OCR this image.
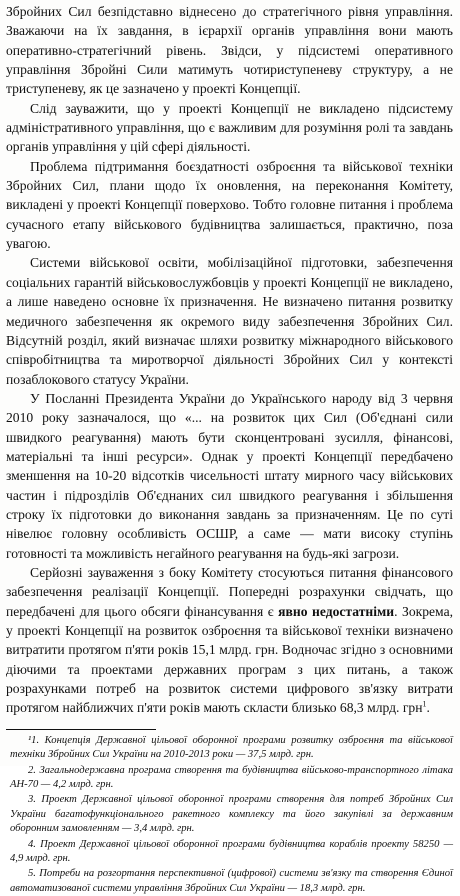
Збройних Сил безпідставно віднесено до стратегічного рівня управління. Зважаючи на їх завдання, в ієрархії органів управління вони мають оперативно-стратегічний рівень. Звідси, у підсистемі оперативного управління Збройні Сили матимуть чотириступеневу структуру, а не триступеневу, як це зазначено у проекті Концепції.

Слід зауважити, що у проекті Концепції не викладено підсистему адміністративного управління, що є важливим для розуміння ролі та завдань органів управління у цій сфері діяльності.

Проблема підтримання боєздатності озброєння та військової техніки Збройних Сил, плани щодо їх оновлення, на переконання Комітету, викладені у проекті Концепції поверхово. Тобто головне питання і проблема сучасного етапу військового будівництва залишається, практично, поза увагою.

Системи військової освіти, мобілізаційної підготовки, забезпечення соціальних гарантій військовослужбовців у проекті Концепції не викладено, а лише наведено основне їх призначення. Не визначено питання розвитку медичного забезпечення як окремого виду забезпечення Збройних Сил. Відсутній розділ, який визначає шляхи розвитку міжнародного військового співробітництва та миротворчої діяльності Збройних Сил у контексті позаблокового статусу України.

У Посланні Президента України до Українського народу від 3 червня 2010 року зазначалося, що «... на розвиток цих Сил (Об'єднані сили швидкого реагування) мають бути сконцентровані зусилля, фінансові, матеріальні та інші ресурси». Однак у проекті Концепції передбачено зменшення на 10-20 відсотків чисельності штату мирного часу військових частин і підрозділів Об'єднаних сил швидкого реагування і збільшення строку їх підготовки до виконання завдань за призначенням. Це по суті нівелює головну особливість ОСШР, а саме — мати високу ступінь готовності та можливість негайного реагування на будь-які загрози.

Серйозні зауваження з боку Комітету стосуються питання фінансового забезпечення реалізації Концепції. Попередні розрахунки свідчать, що передбачені для цього обсяги фінансування є явно недостатніми. Зокрема, у проекті Концепції на розвиток озброєння та військової техніки визначено витратити протягом п'яти років 15,1 млрд. грн. Водночас згідно з основними діючими та проектами державних програм з цих питань, а також розрахунками потреб на розвиток системи цифрового зв'язку витрати протягом найближчих п'яти років мають скласти близько 68,3 млрд. грн$^1$.

¹1. Концепція Державної цільової оборонної програми розвитку озброєння та військової техніки Збройних Сил України на 2010-2013 роки — 37,5 млрд. грн.

2. Загальнодержавна програма створення та будівництва військово-транспортного літака АН-70 — 4,2 млрд. грн.

3. Проект Державної цільової оборонної програми створення для потреб Збройних Сил України багатофункціонального ракетного комплексу та його закупівлі за державним оборонним замовленням — 3,4 млрд. грн.

4. Проект Державної цільової оборонної програми будівництва кораблів проекту 58250 — 4,9 млрд. грн.

5. Потреби на розгортання перспективної (цифрової) системи зв'язку та створення Єдиної автоматизованої системи управління Збройних Сил України — 18,3 млрд. грн.
